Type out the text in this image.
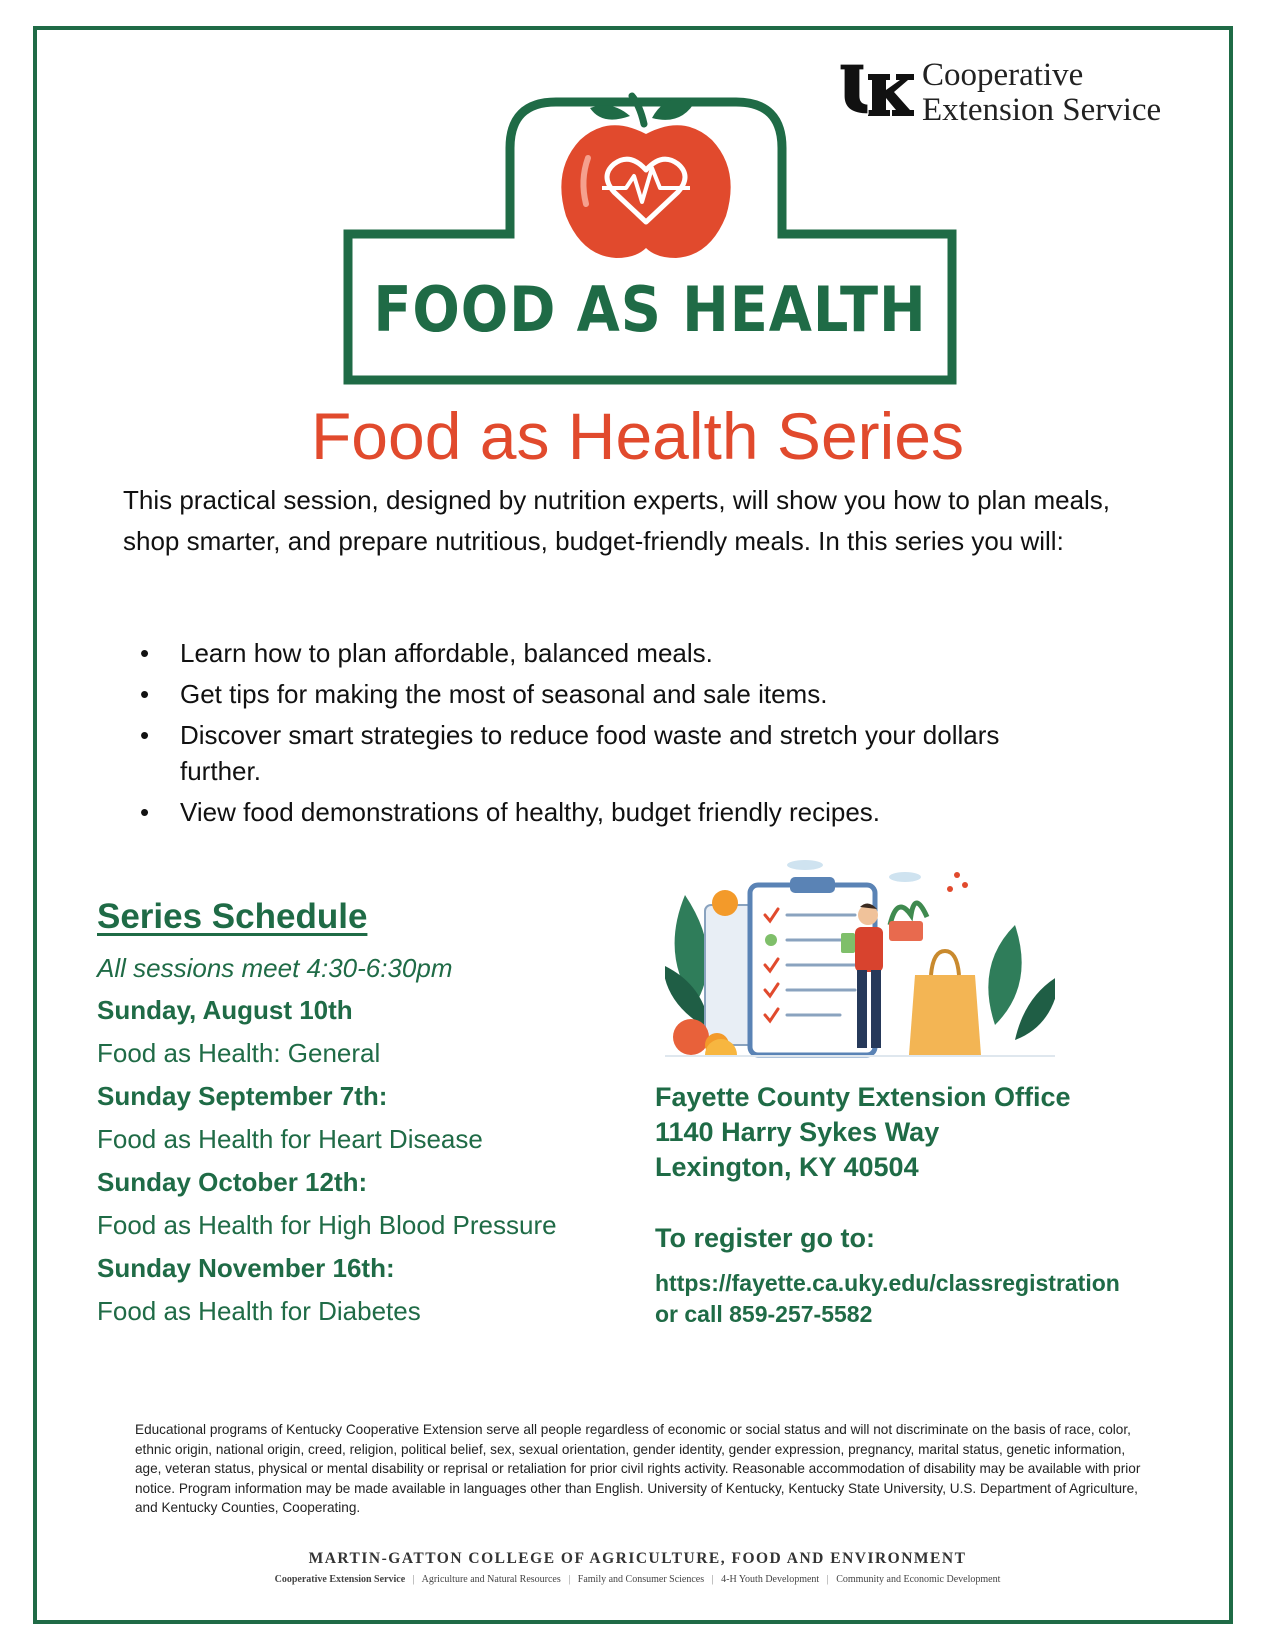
Cooperative
Extension Service
FOOD AS HEALTH
Food as Health Series
This practical session, designed by nutrition experts, will show you how to plan meals, shop smarter, and prepare nutritious, budget-friendly meals. In this series you will:
• Learn how to plan affordable, balanced meals.
• Get tips for making the most of seasonal and sale items.
• Discover smart strategies to reduce food waste and stretch your dollars further.
• View food demonstrations of healthy, budget friendly recipes.
Series Schedule
All sessions meet 4:30-6:30pm
Sunday, August 10th
Food as Health: General
Sunday September 7th:
Food as Health for Heart Disease
Sunday October 12th:
Food as Health for High Blood Pressure
Sunday November 16th:
Food as Health for Diabetes
Fayette County Extension Office
1140 Harry Sykes Way
Lexington, KY 40504
To register go to:
https://fayette.ca.uky.edu/classregistration
or call 859-257-5582
Educational programs of Kentucky Cooperative Extension serve all people regardless of economic or social status and will not discriminate on the basis of race, color, ethnic origin, national origin, creed, religion, political belief, sex, sexual orientation, gender identity, gender expression, pregnancy, marital status, genetic information, age, veteran status, physical or mental disability or reprisal or retaliation for prior civil rights activity. Reasonable accommodation of disability may be available with prior notice. Program information may be made available in languages other than English. University of Kentucky, Kentucky State University, U.S. Department of Agriculture, and Kentucky Counties, Cooperating.
MARTIN-GATTON COLLEGE OF AGRICULTURE, FOOD AND ENVIRONMENT
Cooperative Extension Service | Agriculture and Natural Resources | Family and Consumer Sciences | 4-H Youth Development | Community and Economic Development
